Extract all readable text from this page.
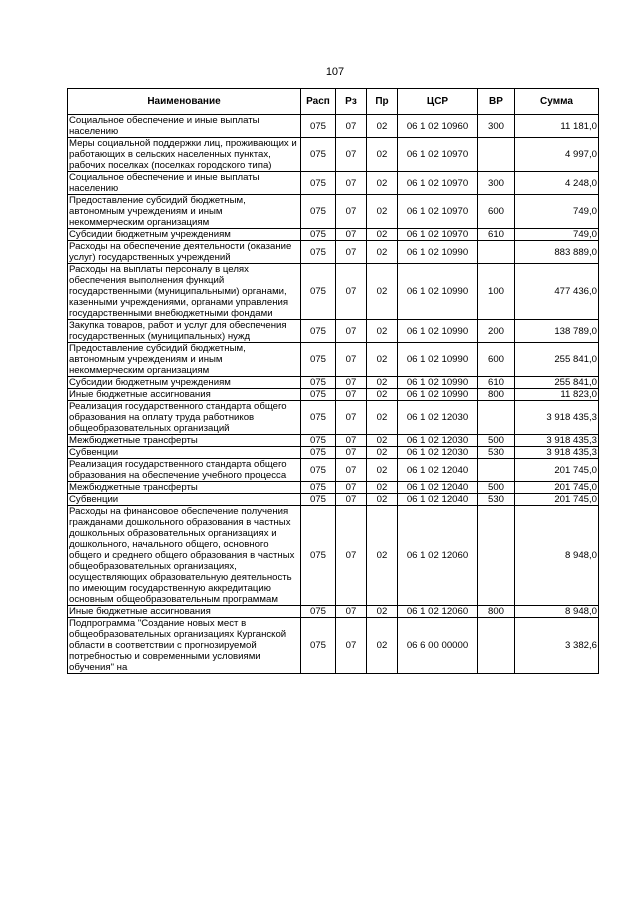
107
Наименование	Расп	Рз	Пр	ЦСР	ВР	Сумма
Социальное обеспечение и иные выплаты населению	075	07	02	06 1 02 10960	300	11 181,0
Меры социальной поддержки лиц, проживающих и работающих в сельских населенных пунктах, рабочих поселках (поселках городского типа)	075	07	02	06 1 02 10970		4 997,0
Социальное обеспечение и иные выплаты населению	075	07	02	06 1 02 10970	300	4 248,0
Предоставление субсидий бюджетным, автономным учреждениям и иным некоммерческим организациям	075	07	02	06 1 02 10970	600	749,0
Субсидии бюджетным учреждениям	075	07	02	06 1 02 10970	610	749,0
Расходы на обеспечение деятельности (оказание услуг) государственных учреждений	075	07	02	06 1 02 10990		883 889,0
Расходы на выплаты персоналу в целях обеспечения выполнения функций государственными (муниципальными) органами, казенными учреждениями, органами управления государственными внебюджетными фондами	075	07	02	06 1 02 10990	100	477 436,0
Закупка товаров, работ и услуг для обеспечения государственных (муниципальных) нужд	075	07	02	06 1 02 10990	200	138 789,0
Предоставление субсидий бюджетным, автономным учреждениям и иным некоммерческим организациям	075	07	02	06 1 02 10990	600	255 841,0
Субсидии бюджетным учреждениям	075	07	02	06 1 02 10990	610	255 841,0
Иные бюджетные ассигнования	075	07	02	06 1 02 10990	800	11 823,0
Реализация государственного стандарта общего образования на оплату труда работников общеобразовательных организаций	075	07	02	06 1 02 12030		3 918 435,3
Межбюджетные трансферты	075	07	02	06 1 02 12030	500	3 918 435,3
Субвенции	075	07	02	06 1 02 12030	530	3 918 435,3
Реализация государственного стандарта общего образования на обеспечение учебного процесса	075	07	02	06 1 02 12040		201 745,0
Межбюджетные трансферты	075	07	02	06 1 02 12040	500	201 745,0
Субвенции	075	07	02	06 1 02 12040	530	201 745,0
Расходы на финансовое обеспечение получения гражданами дошкольного образования в частных дошкольных образовательных организациях и дошкольного, начального общего, основного общего и среднего общего образования в частных общеобразовательных организациях, осуществляющих образовательную деятельность по имеющим государственную аккредитацию основным общеобразовательным программам	075	07	02	06 1 02 12060		8 948,0
Иные бюджетные ассигнования	075	07	02	06 1 02 12060	800	8 948,0
Подпрограмма "Создание новых мест в общеобразовательных организациях Курганской области в соответствии с прогнозируемой потребностью и современными условиями обучения" на	075	07	02	06 6 00 00000		3 382,6
